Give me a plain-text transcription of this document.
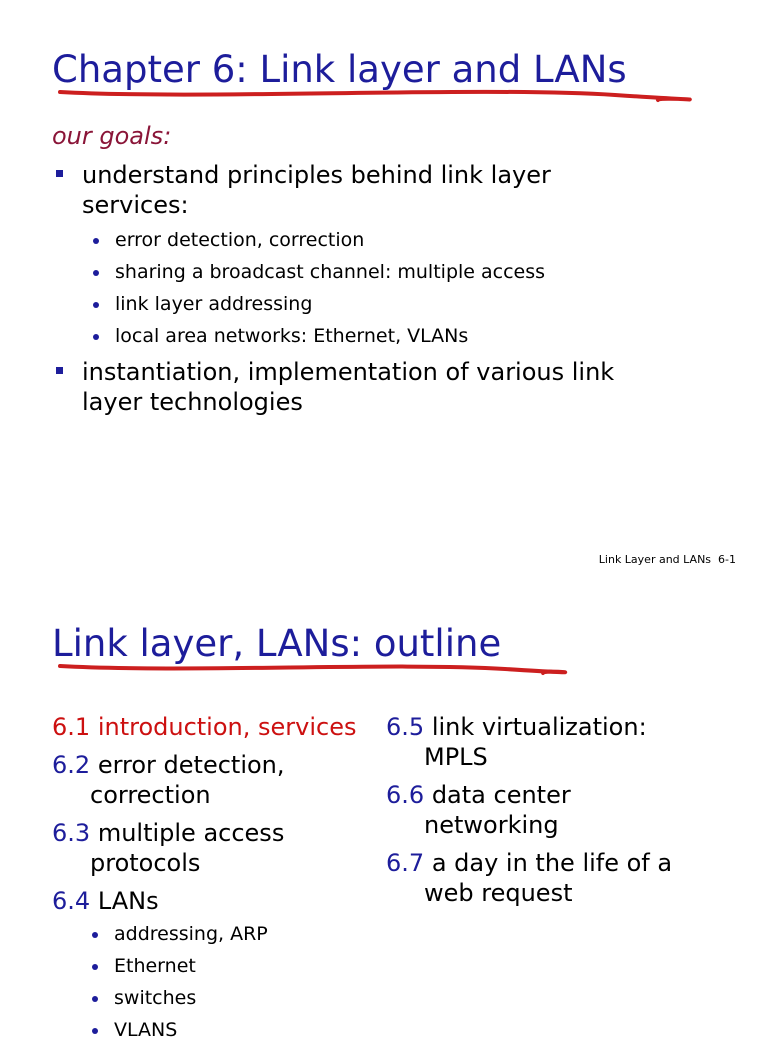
Chapter 6: Link layer and LANs
our goals:
understand principles behind link layer
services:
error detection, correction
sharing a broadcast channel: multiple access
link layer addressing
local area networks: Ethernet, VLANs
instantiation, implementation of various link
layer technologies
Link Layer and LANs 6-1
Link layer, LANs: outline
6.1 introduction, services
6.2 error detection,
correction
6.3 multiple access
protocols
6.4 LANs
addressing, ARP
Ethernet
switches
VLANS
6.5 link virtualization:
MPLS
6.6 data center
networking
6.7 a day in the life of a
web request
